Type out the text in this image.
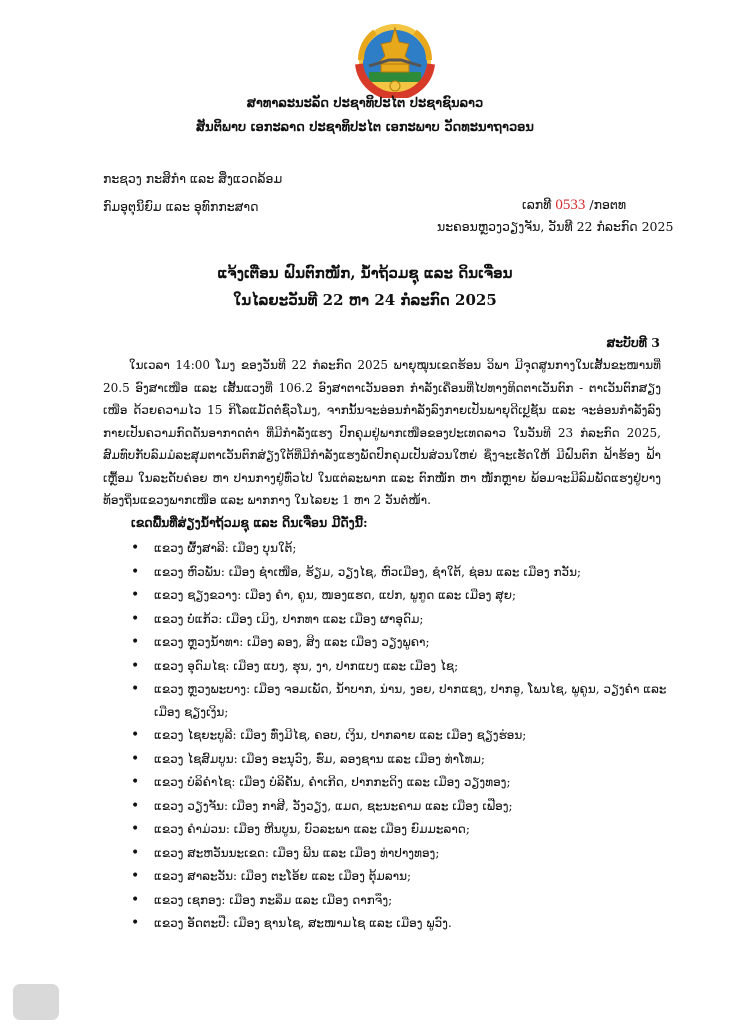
ສາທາລະນະລັດ ປະຊາທິປະໄຕ ປະຊາຊົນລາວ
ສັນຕິພາບ ເອກະລາດ ປະຊາທິປະໄຕ ເອກະພາບ ວັດທະນາຖາວອນ
ກະຊວງ ກະສິກຳ ແລະ ສິ່ງແວດລ້ອມ
ກົມອຸຕຸນິຍົມ ແລະ ອຸທົກກະສາດ	ເລກທີ 0533 /ກອຕທ
ນະຄອນຫຼວງວຽງຈັນ, ວັນທີ 22 ກໍລະກົດ 2025
ແຈ້ງເຕືອນ ຝົນຕົກໜັກ, ນ້ຳຖ້ວມຊຸ ແລະ ດິນເຈື່ອນ
ໃນໄລຍະວັນທີ 22 ຫາ 24 ກໍລະກົດ 2025
ສະບັບທີ 3

ໃນເວລາ 14:00 ໂມງ ຂອງວັນທີ 22 ກໍລະກົດ 2025 ພາຍຸໝຸນເຂດຮ້ອນ ວິພາ ມີຈຸດສູນກາງໃນເສັ້ນຂະໜານທີ່ 20.5 ອົງສາເໜືອ ແລະ ເສັ້ນແວງທີ່ 106.2 ອົງສາຕາເວັນອອກ ກຳລັງເຄື່ອນທີ່ໄປທາງທິດຕາເວັນຕົກ - ຕາເວັນຕົກສຽງເໜືອ ດ້ວຍຄວາມໄວ 15 ກິໂລແມັດຕໍ່ຊົ່ວໂມງ, ຈາກນັ້ນຈະອ່ອນກຳລັງລົງກາຍເປັນພາຍຸດີເປຼຊັນ ແລະ ຈະອ່ອນກຳລັງລົງກາຍເປັນຄວາມກົດດັນອາກາດຕ່ຳ ທີ່ມີກຳລັງແຮງ ປົກຄຸມຢູ່ພາກເໜືອຂອງປະເທດລາວ ໃນວັນທີ 23 ກໍລະກົດ 2025, ສົມທົບກັບລົມມໍລະສຸມຕາເວັນຕົກສ່ຽງໃຕ້ທີ່ມີກຳລັງແຮງພັດປົກຄຸມເປັນສ່ວນໃຫຍ່ ຊຶ່ງຈະເຮັດໃຫ້ ມີຝົນຕົກ ຟ້າຮ້ອງ ຟ້າເຫຼື້ອມ ໃນລະດັບຄ່ອຍ ຫາ ປານກາງຢູ່ທົ່ວໄປ ໃນແຕ່ລະພາກ ແລະ ຕົກໜັກ ຫາ ໜັກຫຼາຍ ພ້ອມຈະມີລົມພັດແຮງຢູ່ບາງທ້ອງຖິ່ນແຂວງພາກເໜືອ ແລະ ພາກກາງ ໃນໄລຍະ 1 ຫາ 2 ວັນຕໍ່ໜ້າ.

ເຂດພື້ນທີ່ສ່ຽງນ້ຳຖ້ວມຊຸ ແລະ ດິນເຈື່ອນ ມີດັ່ງນີ້:
• ແຂວງ ຜົ້ງສາລີ: ເມືອງ ບຸນໃຕ້;
• ແຂວງ ຫົວພັນ: ເມືອງ ຊຳເໜືອ, ຮ້ຽມ, ວຽງໄຊ, ຫົວເມືອງ, ຊຳໃຕ້, ຊ່ອນ ແລະ ເມືອງ ກວັນ;
• ແຂວງ ຊຽງຂວາງ: ເມືອງ ຄຳ, ຄູນ, ໜອງແຮດ, ແປກ, ພູກູດ ແລະ ເມືອງ ສຸຍ;
• ແຂວງ ບໍ່ແກ້ວ: ເມືອງ ເມິງ, ປາກທາ ແລະ ເມືອງ ຜາອຸດົມ;
• ແຂວງ ຫຼວງນ້ຳທາ: ເມືອງ ລອງ, ສິງ ແລະ ເມືອງ ວຽງພູຄາ;
• ແຂວງ ອຸດົມໄຊ: ເມືອງ ແບງ, ຮຸນ, ງາ, ປາກແບງ ແລະ ເມືອງ ໄຊ;
• ແຂວງ ຫຼວງພະບາງ: ເມືອງ ຈອມເພັດ, ນ້ຳບາກ, ນ່ານ, ງອຍ, ປາກແຊງ, ປາກອູ, ໂພນໄຊ, ພູຄູນ, ວຽງຄຳ ແລະ ເມືອງ ຊຽງເງິນ;
• ແຂວງ ໄຊຍະບູລີ: ເມືອງ ທົ່ງມີໄຊ, ຄອບ, ເງິນ, ປາກລາຍ ແລະ ເມືອງ ຊຽງຮ່ອນ;
• ແຂວງ ໄຊສົມບູນ: ເມືອງ ອະນຸວົງ, ຮົ່ມ, ລອງຊານ ແລະ ເມືອງ ທ່າໂທມ;
• ແຂວງ ບໍລິຄຳໄຊ: ເມືອງ ບໍລິຄັນ, ຄຳເກີດ, ປາກກະດິງ ແລະ ເມືອງ ວຽງທອງ;
• ແຂວງ ວຽງຈັນ: ເມືອງ ກາສີ, ວັງວຽງ, ແມດ, ຊະນະຄາມ ແລະ ເມືອງ ເຟືອງ;
• ແຂວງ ຄຳມ່ວນ: ເມືອງ ຫີນບູນ, ບົວລະພາ ແລະ ເມືອງ ຍົມມະລາດ;
• ແຂວງ ສະຫວັນນະເຂດ: ເມືອງ ພີນ ແລະ ເມືອງ ທ່າປາງທອງ;
• ແຂວງ ສາລະວັນ: ເມືອງ ຕະໂອ້ຍ ແລະ ເມືອງ ຕຸ້ມລານ;
• ແຂວງ ເຊກອງ: ເມືອງ ກະລຶມ ແລະ ເມືອງ ດາກຈຶງ;
• ແຂວງ ອັດຕະປື: ເມືອງ ຊານໄຊ, ສະໜາມໄຊ ແລະ ເມືອງ ພູວົງ.
